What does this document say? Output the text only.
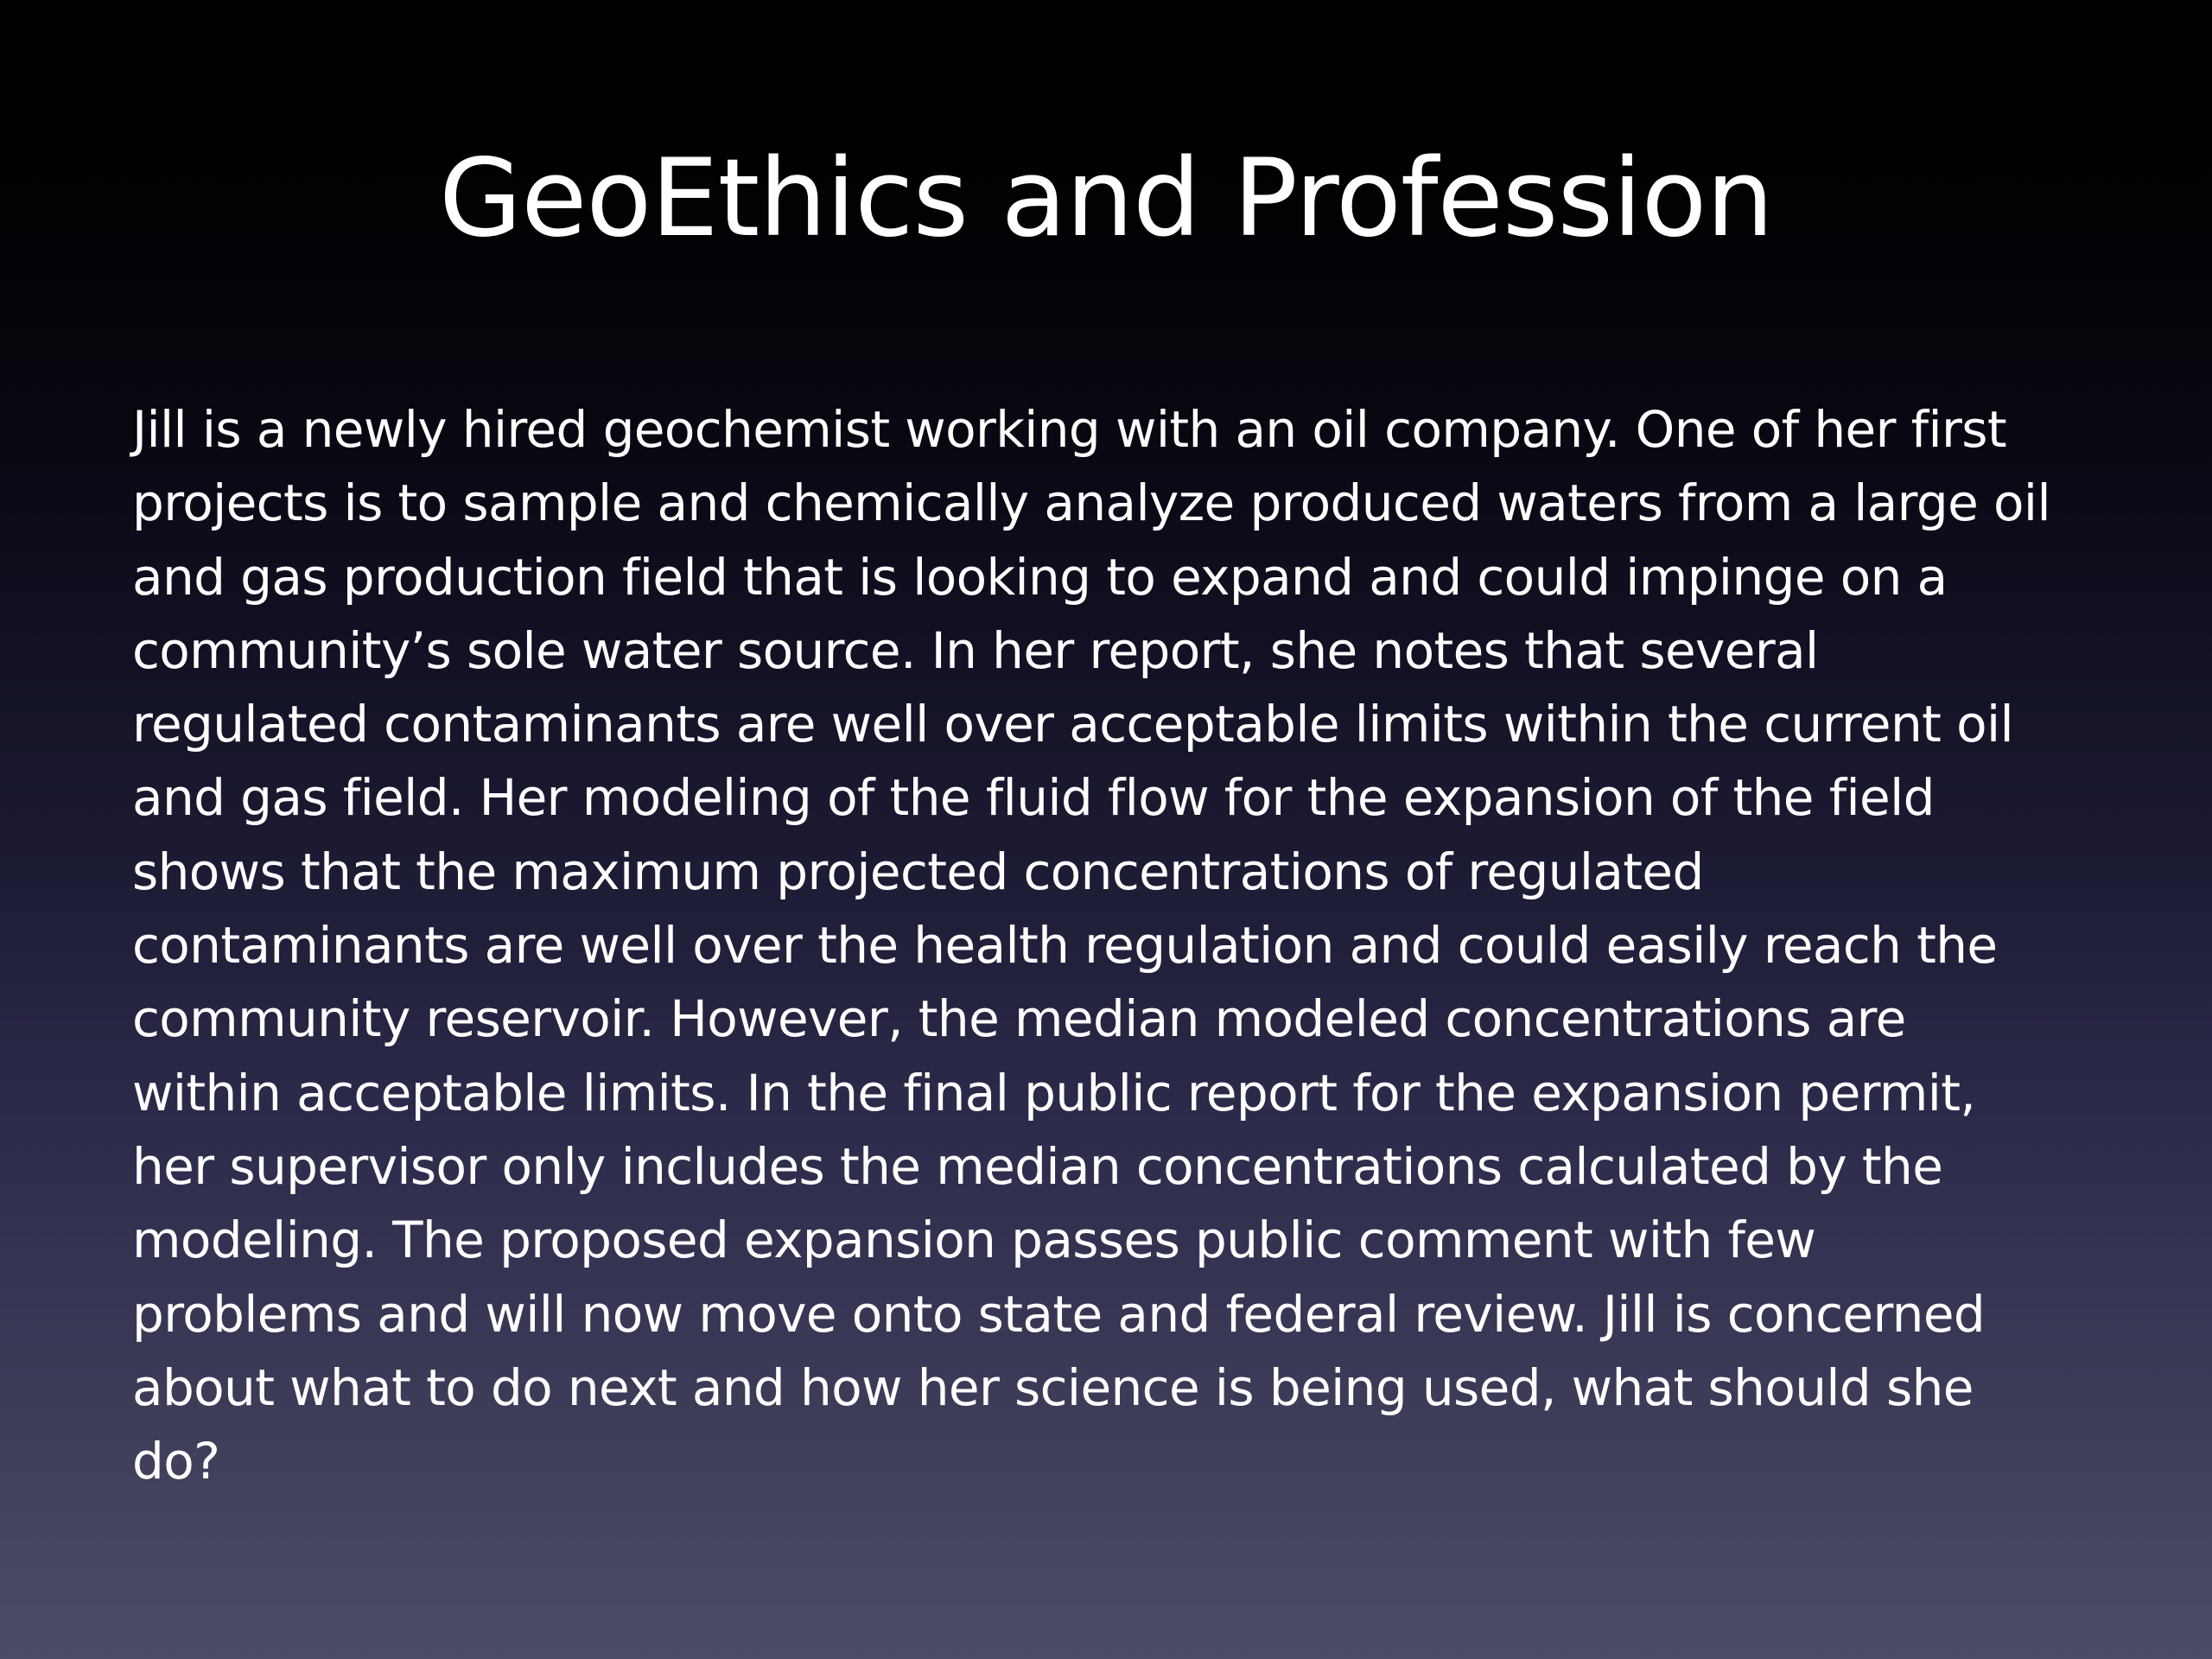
GeoEthics and Profession
Jill is a newly hired geochemist working with an oil company. One of her first
projects is to sample and chemically analyze produced waters from a large oil
and gas production field that is looking to expand and could impinge on a
community’s sole water source. In her report, she notes that several
regulated contaminants are well over acceptable limits within the current oil
and gas field. Her modeling of the fluid flow for the expansion of the field
shows that the maximum projected concentrations of regulated
contaminants are well over the health regulation and could easily reach the
community reservoir. However, the median modeled concentrations are
within acceptable limits. In the final public report for the expansion permit,
her supervisor only includes the median concentrations calculated by the
modeling. The proposed expansion passes public comment with few
problems and will now move onto state and federal review. Jill is concerned
about what to do next and how her science is being used, what should she
do?
